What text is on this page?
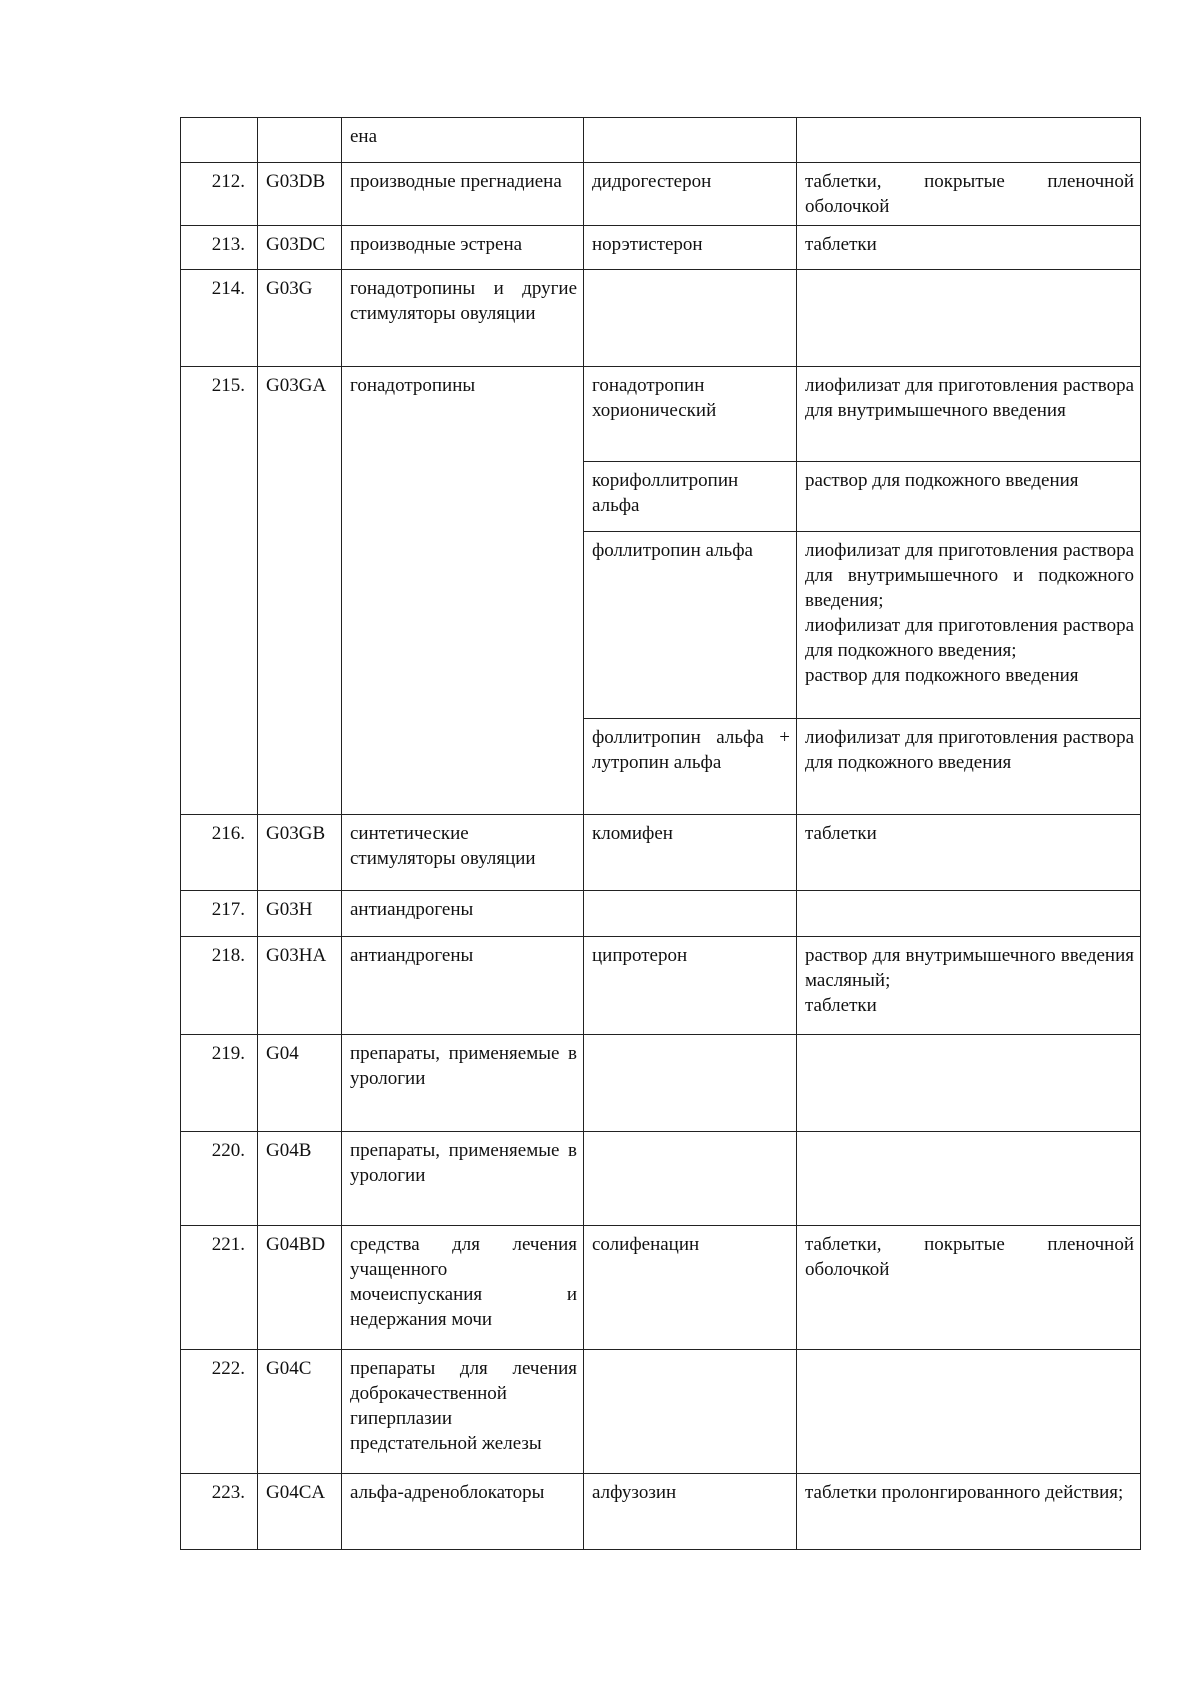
		ена		
212.	G03DB	производные прегнадиена	дидрогестерон	таблетки, покрытые пленочной оболочкой

213.	G03DC	производные эстрена	норэтистерон	таблетки

214.	G03G	гонадотропины и другие стимуляторы овуляции		
215.	G03GA	гонадотропины	гонадотропин хорионический	лиофилизат для приготовления раствора для внутримышечного введения

			корифоллитропин альфа	раствор для подкожного введения

			фоллитропин альфа	лиофилизат для приготовления раствора для внутримышечного и подкожного введения;
лиофилизат для приготовления раствора для подкожного введения;
раствор для подкожного введения

			фоллитропин альфа + лутропин альфа	лиофилизат для приготовления раствора для подкожного введения

216.	G03GB	синтетические стимуляторы овуляции	кломифен	таблетки

217.	G03H	антиандрогены		
218.	G03HA	антиандрогены	ципротерон	раствор для внутримышечного введения масляный;
таблетки

219.	G04	препараты, применяемые в урологии		
220.	G04B	препараты, применяемые в урологии		
221.	G04BD	средства для лечения учащенного мочеиспускания и недержания мочи	солифенацин	таблетки, покрытые пленочной оболочкой

222.	G04C	препараты для лечения доброкачественной гиперплазии предстательной железы		
223.	G04CA	альфа-адреноблокаторы	алфузозин	таблетки пролонгированного действия;
